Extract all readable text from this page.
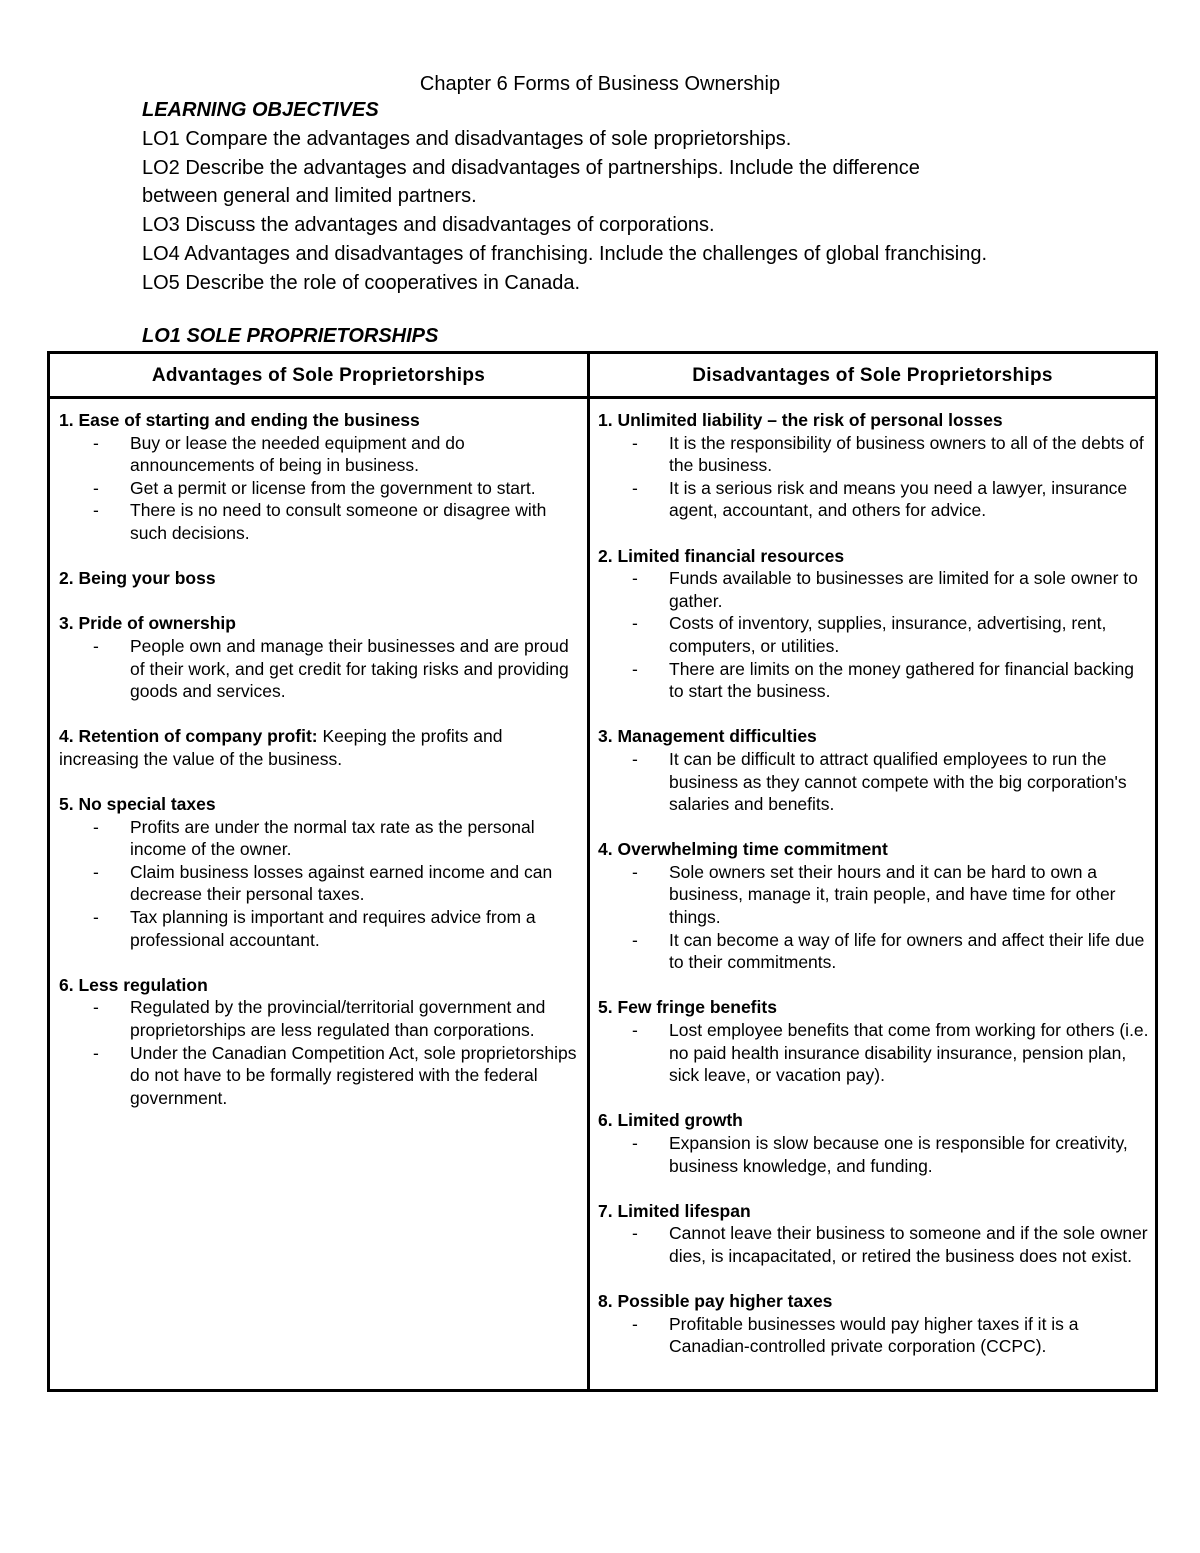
Chapter 6 Forms of Business Ownership
LEARNING OBJECTIVES
LO1 Compare the advantages and disadvantages of sole proprietorships.
LO2 Describe the advantages and disadvantages of partnerships. Include the difference
between general and limited partners.
LO3 Discuss the advantages and disadvantages of corporations.
LO4 Advantages and disadvantages of franchising. Include the challenges of global franchising.
LO5 Describe the role of cooperatives in Canada.
LO1 SOLE PROPRIETORSHIPS
Advantages of Sole Proprietorships	Disadvantages of Sole Proprietorships
1. Ease of starting and ending the business
- Buy or lease the needed equipment and do announcements of being in business.
- Get a permit or license from the government to start.
- There is no need to consult someone or disagree with such decisions.
2. Being your boss
3. Pride of ownership
- People own and manage their businesses and are proud of their work, and get credit for taking risks and providing goods and services.
4. Retention of company profit: Keeping the profits and increasing the value of the business.
5. No special taxes
- Profits are under the normal tax rate as the personal income of the owner.
- Claim business losses against earned income and can decrease their personal taxes.
- Tax planning is important and requires advice from a professional accountant.
6. Less regulation
- Regulated by the provincial/territorial government and proprietorships are less regulated than corporations.
- Under the Canadian Competition Act, sole proprietorships do not have to be formally registered with the federal government.
1. Unlimited liability – the risk of personal losses
- It is the responsibility of business owners to all of the debts of the business.
- It is a serious risk and means you need a lawyer, insurance agent, accountant, and others for advice.
2. Limited financial resources
- Funds available to businesses are limited for a sole owner to gather.
- Costs of inventory, supplies, insurance, advertising, rent, computers, or utilities.
- There are limits on the money gathered for financial backing to start the business.
3. Management difficulties
- It can be difficult to attract qualified employees to run the business as they cannot compete with the big corporation's salaries and benefits.
4. Overwhelming time commitment
- Sole owners set their hours and it can be hard to own a business, manage it, train people, and have time for other things.
- It can become a way of life for owners and affect their life due to their commitments.
5. Few fringe benefits
- Lost employee benefits that come from working for others (i.e. no paid health insurance disability insurance, pension plan, sick leave, or vacation pay).
6. Limited growth
- Expansion is slow because one is responsible for creativity, business knowledge, and funding.
7. Limited lifespan
- Cannot leave their business to someone and if the sole owner dies, is incapacitated, or retired the business does not exist.
8. Possible pay higher taxes
- Profitable businesses would pay higher taxes if it is a Canadian-controlled private corporation (CCPC).
